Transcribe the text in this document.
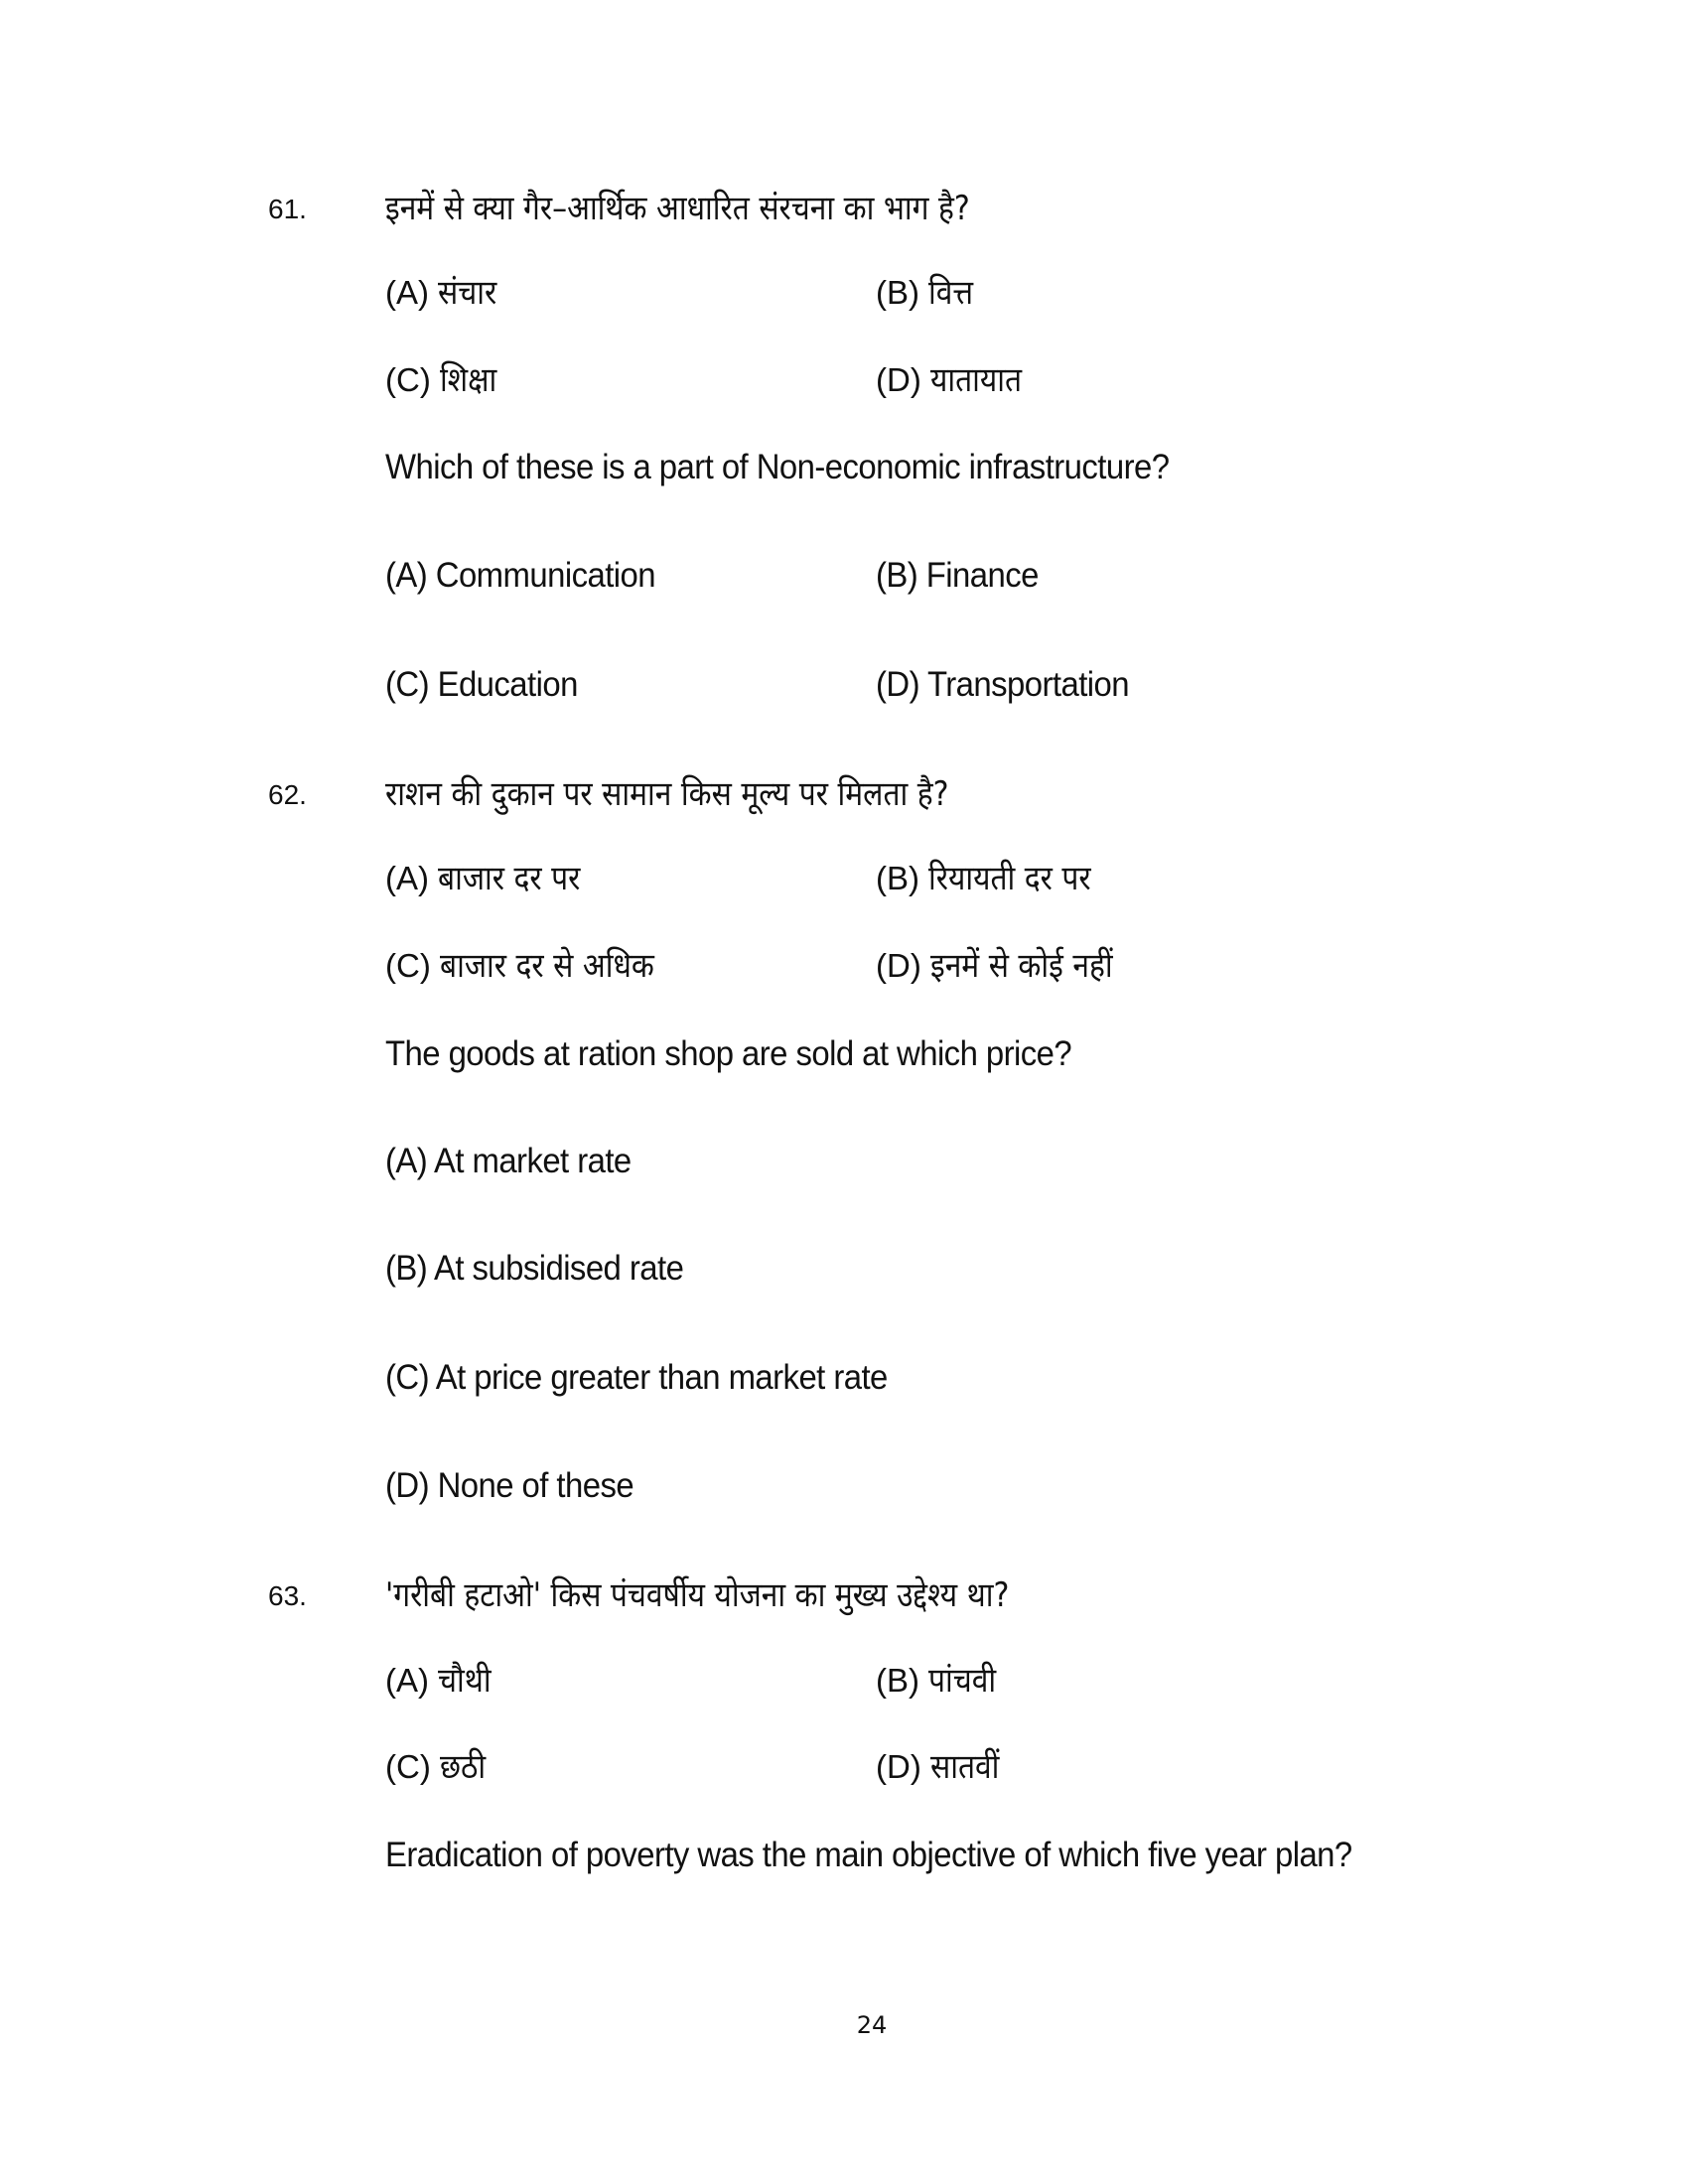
61. इनमें से क्या गैर–आर्थिक आधारित संरचना का भाग है?
(A) संचार	(B) वित्त
(C) शिक्षा	(D) यातायात
Which of these is a part of Non-economic infrastructure?
(A) Communication	(B) Finance
(C) Education	(D) Transportation
62. राशन की दुकान पर सामान किस मूल्य पर मिलता है?
(A) बाजार दर पर	(B) रियायती दर पर
(C) बाजार दर से अधिक	(D) इनमें से कोई नहीं
The goods at ration shop are sold at which price?
(A) At market rate
(B) At subsidised rate
(C) At price greater than market rate
(D) None of these
63. 'गरीबी हटाओ' किस पंचवर्षीय योजना का मुख्य उद्देश्य था?
(A) चौथी	(B) पांचवी
(C) छठी	(D) सातवीं
Eradication of poverty was the main objective of which five year plan?
24
